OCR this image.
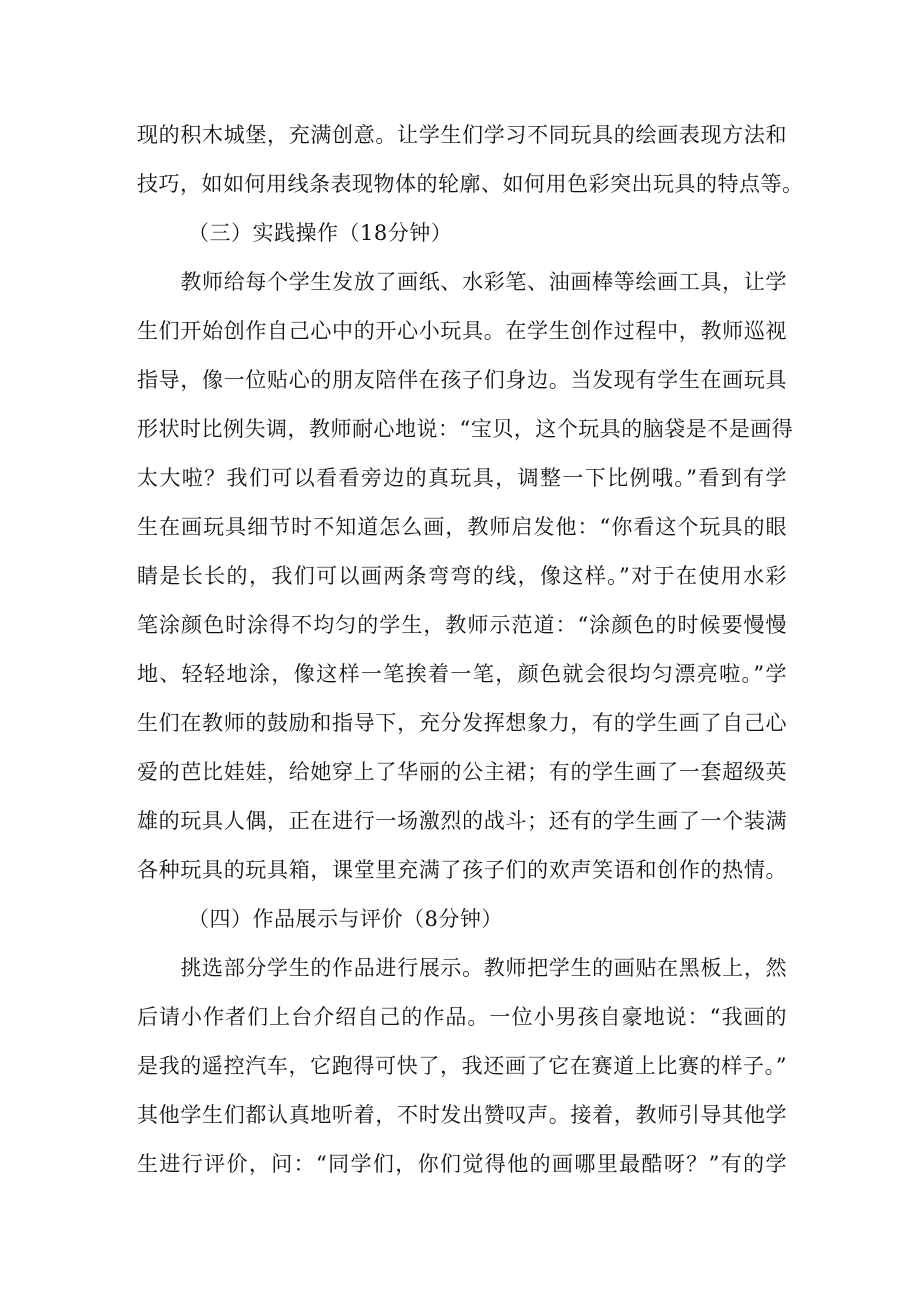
现的积木城堡，充满创意。让学生们学习不同玩具的绘画表现方法和
技巧，如如何用线条表现物体的轮廓、如何用色彩突出玩具的特点等。
（三）实践操作（18分钟）
　　教师给每个学生发放了画纸、水彩笔、油画棒等绘画工具，让学
生们开始创作自己心中的开心小玩具。在学生创作过程中，教师巡视
指导，像一位贴心的朋友陪伴在孩子们身边。当发现有学生在画玩具
形状时比例失调，教师耐心地说：“宝贝，这个玩具的脑袋是不是画得
太大啦？我们可以看看旁边的真玩具，调整一下比例哦。”看到有学
生在画玩具细节时不知道怎么画，教师启发他：“你看这个玩具的眼
睛是长长的，我们可以画两条弯弯的线，像这样。”对于在使用水彩
笔涂颜色时涂得不均匀的学生，教师示范道：“涂颜色的时候要慢慢
地、轻轻地涂，像这样一笔挨着一笔，颜色就会很均匀漂亮啦。”学
生们在教师的鼓励和指导下，充分发挥想象力，有的学生画了自己心
爱的芭比娃娃，给她穿上了华丽的公主裙；有的学生画了一套超级英
雄的玩具人偶，正在进行一场激烈的战斗；还有的学生画了一个装满
各种玩具的玩具箱，课堂里充满了孩子们的欢声笑语和创作的热情。
（四）作品展示与评价（8分钟）
　　挑选部分学生的作品进行展示。教师把学生的画贴在黑板上，然
后请小作者们上台介绍自己的作品。一位小男孩自豪地说：“我画的
是我的遥控汽车，它跑得可快了，我还画了它在赛道上比赛的样子。”
其他学生们都认真地听着，不时发出赞叹声。接着，教师引导其他学
生进行评价，问：“同学们，你们觉得他的画哪里最酷呀？”有的学
